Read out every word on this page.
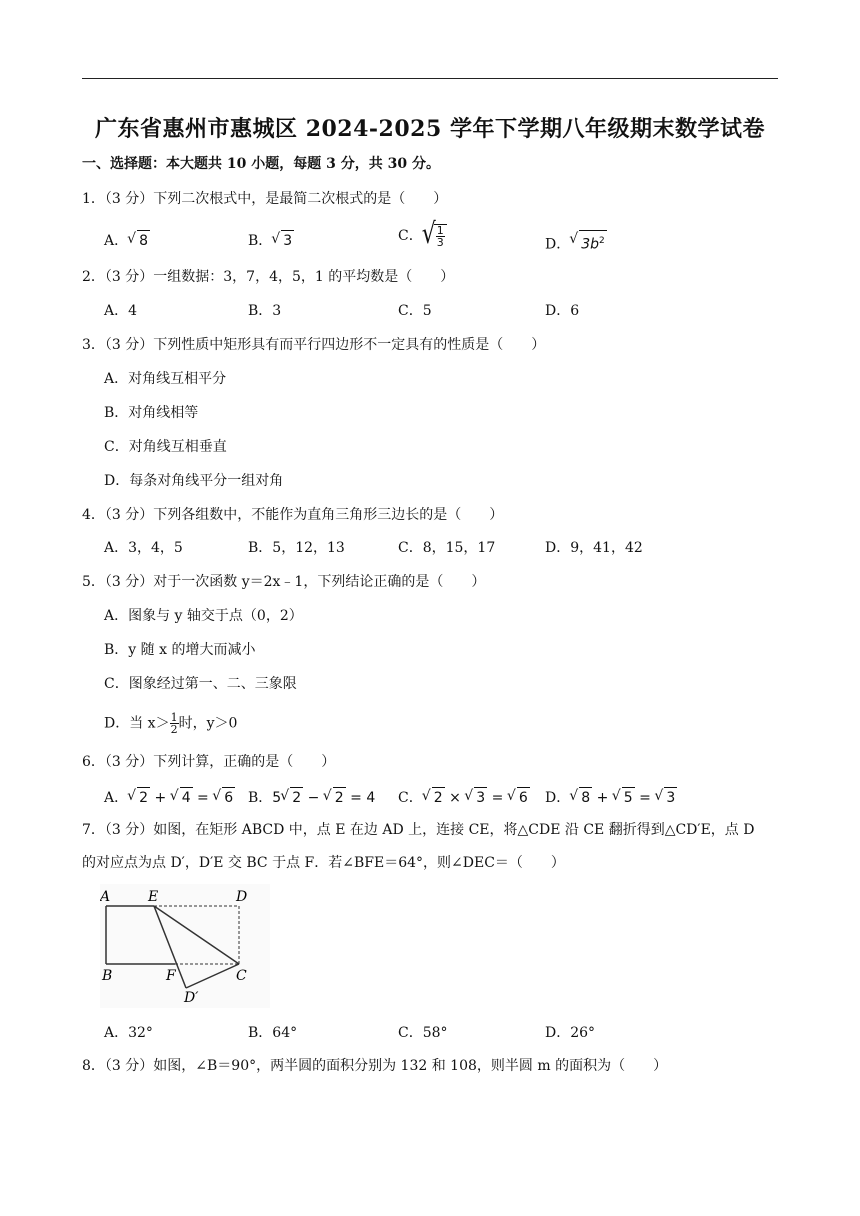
广东省惠州市惠城区 2024-2025 学年下学期八年级期末数学试卷
一、选择题：本大题共 10 小题，每题 3 分，共 30 分。
1．（3 分）下列二次根式中，是最简二次根式的是（　　）
A． √ 8	B． √ 3	C． √ $\frac{1}{3}$	D． √ $3b^2$
2．（3 分）一组数据：3，7，4，5，1 的平均数是（　　）
A．4	B．3	C．5	D．6
3．（3 分）下列性质中矩形具有而平行四边形不一定具有的性质是（　　）
A．对角线互相平分
B．对角线相等
C．对角线互相垂直
D．每条对角线平分一组对角
4．（3 分）下列各组数中，不能作为直角三角形三边长的是（　　）
A．3，4，5	B．5，12，13	C．8，15，17	D．9，41，42
5．（3 分）对于一次函数 y＝2x﹣1，下列结论正确的是（　　）
A．图象与 y 轴交于点（0，2）
B．y 随 x 的增大而减小
C．图象经过第一、二、三象限
D．当 $x> \frac{1}{2}$ 时，y＞0
6．（3 分）下列计算，正确的是（　　）
A． √ 2 + √ 4 = √ 6 B．5 √ 2 − √ 2 = 4 C． √ 2 × √ 3 = √ 6 D． √ 8 + √ 5 = √ 3
7．（3 分）如图，在矩形 ABCD 中，点 E 在边 AD 上，连接 CE，将△CDE 沿 CE 翻折得到△CD′E，点 D
的对应点为点 D′，D′E 交 BC 于点 F．若∠BFE＝64°，则∠DEC＝（　　）
A	E	D
B	F	C
D′
A．32°	B．64°	C．58°	D．26°
8．（3 分）如图，∠B＝90°，两半圆的面积分别为 132 和 108，则半圆 m 的面积为（　　）
